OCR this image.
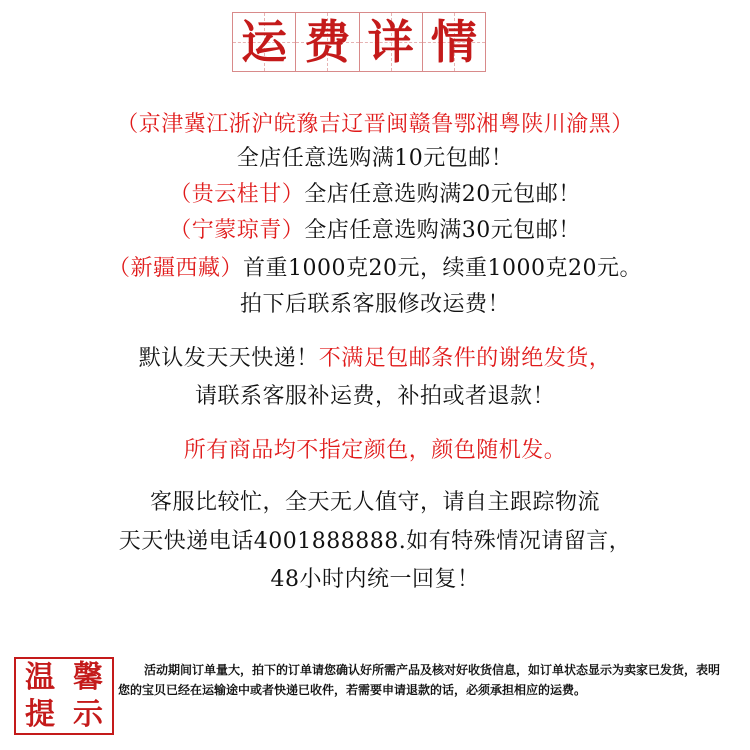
运 费 详 情
（京津冀江浙沪皖豫吉辽晋闽赣鲁鄂湘粤陕川渝黑）
全店任意选购满10元包邮！
（贵云桂甘）全店任意选购满20元包邮！
（宁蒙琼青）全店任意选购满30元包邮！
（新疆西藏）首重1000克20元，续重1000克20元。
拍下后联系客服修改运费！
默认发天天快递！不满足包邮条件的谢绝发货，
请联系客服补运费，补拍或者退款！
所有商品均不指定颜色，颜色随机发。
客服比较忙，全天无人值守，请自主跟踪物流
天天快递电话4001888888.如有特殊情况请留言，
48小时内统一回复！
温 馨
提 示
活动期间订单量大，拍下的订单请您确认好所需产品及核对好收货信息，如订单状态显示为卖家已发货，表明您的宝贝已经在运输途中或者快递已收件，若需要申请退款的话，必须承担相应的运费。
